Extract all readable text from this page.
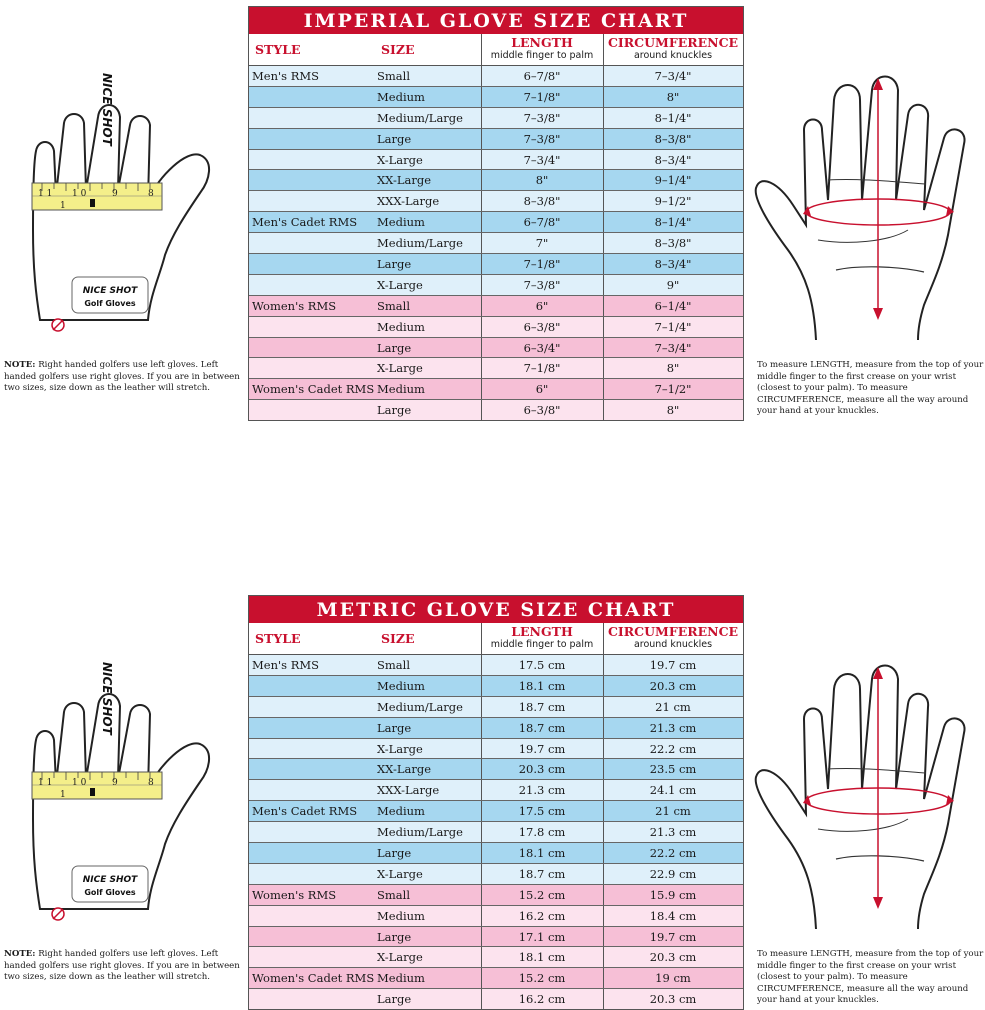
1 1 1 0	9	8
1
NICE SHOT
NICE SHOT
Golf Gloves
NOTE: Right handed golfers use left gloves. Left handed golfers use right gloves. If you are in between two sizes, size down as the leather will stretch.
IMPERIAL GLOVE SIZE CHART
STYLE	SIZE	LENGTH
middle finger to palm
CIRCUMFERENCE
around knuckles
Men's RMS	Small	6–7/8"	7–3/4"
Medium	7–1/8"	8"
Medium/Large	7–3/8"	8–1/4"
Large	7–3/8"	8–3/8"
X-Large	7–3/4"	8–3/4"
XX-Large	8"	9–1/4"
XXX-Large	8–3/8"	9–1/2"
Men's Cadet RMS Medium	6–7/8"	8–1/4"
Medium/Large	7"	8–3/8"
Large	7–1/8"	8–3/4"
X-Large	7–3/8"	9"
Women's RMS	Small	6"	6–1/4"
Medium	6–3/8"	7–1/4"
Large	6–3/4"	7–3/4"
X-Large	7–1/8"	8"
Women's Cadet RMS Medium	6"	7–1/2"
Large	6–3/8"	8"
To measure LENGTH, measure from the top of your middle finger to the first crease on your wrist (closest to your palm). To measure CIRCUMFERENCE, measure all the way around your hand at your knuckles.
1 1 1 0	9	8
1
NICE SHOT
NICE SHOT
Golf Gloves
NOTE: Right handed golfers use left gloves. Left handed golfers use right gloves. If you are in between two sizes, size down as the leather will stretch.
METRIC GLOVE SIZE CHART
STYLE	SIZE	LENGTH
middle finger to palm
CIRCUMFERENCE
around knuckles
Men's RMS	Small	17.5 cm	19.7 cm
Medium	18.1 cm	20.3 cm
Medium/Large	18.7 cm	21 cm
Large	18.7 cm	21.3 cm
X-Large	19.7 cm	22.2 cm
XX-Large	20.3 cm	23.5 cm
XXX-Large	21.3 cm	24.1 cm
Men's Cadet RMS Medium	17.5 cm	21 cm
Medium/Large	17.8 cm	21.3 cm
Large	18.1 cm	22.2 cm
X-Large	18.7 cm	22.9 cm
Women's RMS	Small	15.2 cm	15.9 cm
Medium	16.2 cm	18.4 cm
Large	17.1 cm	19.7 cm
X-Large	18.1 cm	20.3 cm
Women's Cadet RMS Medium	15.2 cm	19 cm
Large	16.2 cm	20.3 cm
To measure LENGTH, measure from the top of your middle finger to the first crease on your wrist (closest to your palm). To measure CIRCUMFERENCE, measure all the way around your hand at your knuckles.
